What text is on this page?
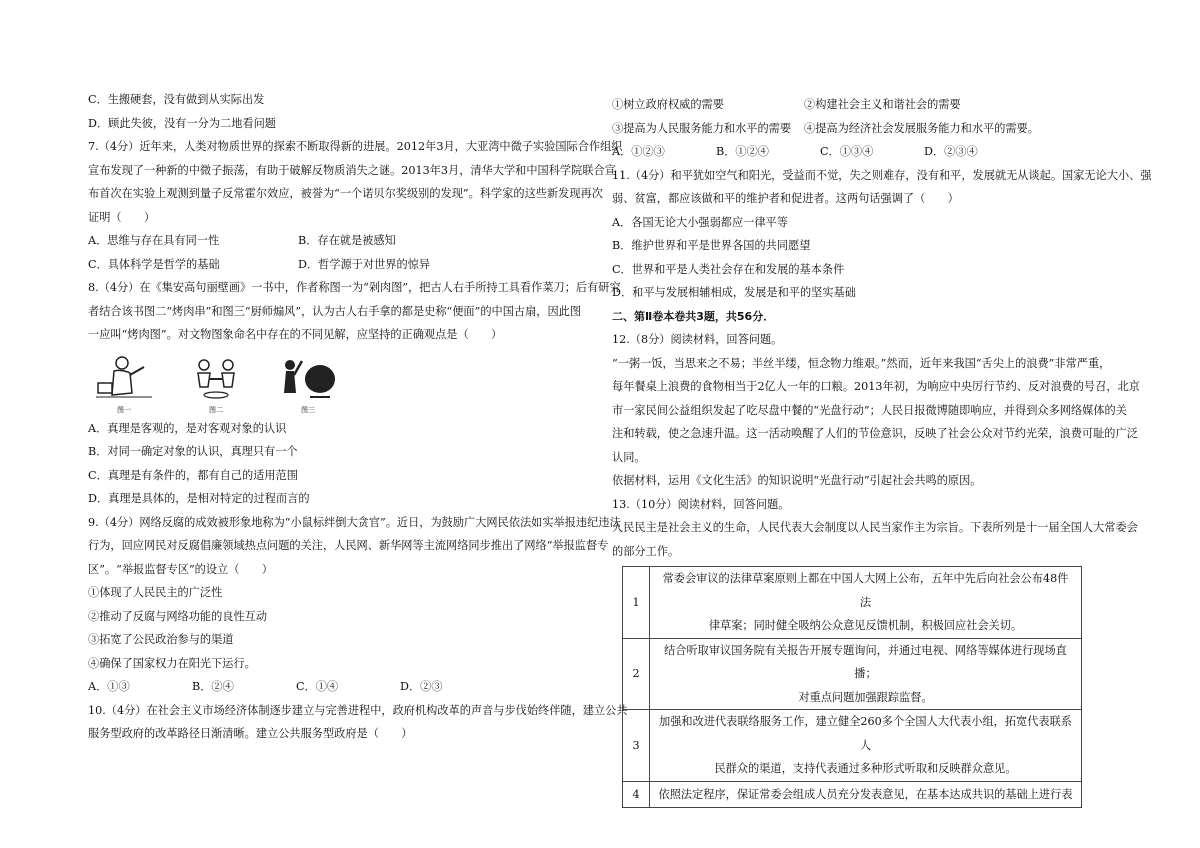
C．生搬硬套，没有做到从实际出发
D．顾此失彼，没有一分为二地看问题
7.（4分）近年来，人类对物质世界的探索不断取得新的进展。2012年3月，大亚湾中微子实验国际合作组织
宣布发现了一种新的中微子振荡，有助于破解反物质消失之谜。2013年3月，清华大学和中国科学院联合宣
布首次在实验上观测到量子反常霍尔效应，被誉为“一个诺贝尔奖级别的发现”。科学家的这些新发现再次
证明（　　）
A．思维与存在具有同一性	B．存在就是被感知
C．具体科学是哲学的基础	D．哲学源于对世界的惊异
8.（4分）在《集安高句丽壁画》一书中，作者称图一为“剁肉图”，把古人右手所持工具看作菜刀；后有研究
者结合该书图二“烤肉串”和图三“厨师煽风”，认为古人右手拿的都是史称“便面”的中国古扇，因此图
一应叫“烤肉图”。对文物图象命名中存在的不同见解，应坚持的正确观点是（　　）
图一	图二	图三
A．真理是客观的，是对客观对象的认识
B．对同一确定对象的认识，真理只有一个
C．真理是有条件的，都有自己的适用范围
D．真理是具体的，是相对特定的过程而言的
9.（4分）网络反腐的成效被形象地称为“小鼠标绊倒大贪官”。近日，为鼓励广大网民依法如实举报违纪违法
行为，回应网民对反腐倡廉领域热点问题的关注，人民网、新华网等主流网络同步推出了网络“举报监督专
区”。“举报监督专区”的设立（　　）
①体现了人民民主的广泛性
②推动了反腐与网络功能的良性互动
③拓宽了公民政治参与的渠道
④确保了国家权力在阳光下运行。
A．①③	B．②④	C．①④	D．②③
10.（4分）在社会主义市场经济体制逐步建立与完善进程中，政府机构改革的声音与步伐始终伴随，建立公共
服务型政府的改革路径日渐清晰。建立公共服务型政府是（　　）
①树立政府权威的需要	②构建社会主义和谐社会的需要
③提高为人民服务能力和水平的需要	④提高为经济社会发展服务能力和水平的需要。
A．①②③	B．①②④	C．①③④	D．②③④
11.（4分）和平犹如空气和阳光，受益而不觉，失之则难存，没有和平，发展就无从谈起。国家无论大小、强
弱、贫富，都应该做和平的维护者和促进者。这两句话强调了（　　）
A．各国无论大小强弱都应一律平等
B．维护世界和平是世界各国的共同愿望
C．世界和平是人类社会存在和发展的基本条件
D．和平与发展相辅相成，发展是和平的坚实基础
二、第Ⅱ卷本卷共3题，共56分．
12.（8分）阅读材料，回答问题。
“一粥一饭，当思来之不易；半丝半缕，恒念物力维艰。”然而，近年来我国“舌尖上的浪费”非常严重，
每年餐桌上浪费的食物相当于2亿人一年的口粮。2013年初，为响应中央厉行节约、反对浪费的号召，北京
市一家民间公益组织发起了吃尽盘中餐的“光盘行动”；人民日报微博随即响应，并得到众多网络媒体的关
注和转载，使之急速升温。这一活动唤醒了人们的节俭意识，反映了社会公众对节约光荣，浪费可耻的广泛
认同。
依据材料，运用《文化生活》的知识说明“光盘行动”引起社会共鸣的原因。
13.（10分）阅读材料，回答问题。
人民民主是社会主义的生命，人民代表大会制度以人民当家作主为宗旨。下表所列是十一届全国人大常委会
的部分工作。
1	常委会审议的法律草案原则上都在中国人大网上公布，五年中先后向社会公布48件法
律草案；同时健全吸纳公众意见反馈机制，积极回应社会关切。

2	结合听取审议国务院有关报告开展专题询问，并通过电视、网络等媒体进行现场直播；
对重点问题加强跟踪监督。

3	加强和改进代表联络服务工作，建立健全260多个全国人大代表小组，拓宽代表联系人
民群众的渠道，支持代表通过多种形式听取和反映群众意见。

4	依照法定程序，保证常委会组成人员充分发表意见，在基本达成共识的基础上进行表
